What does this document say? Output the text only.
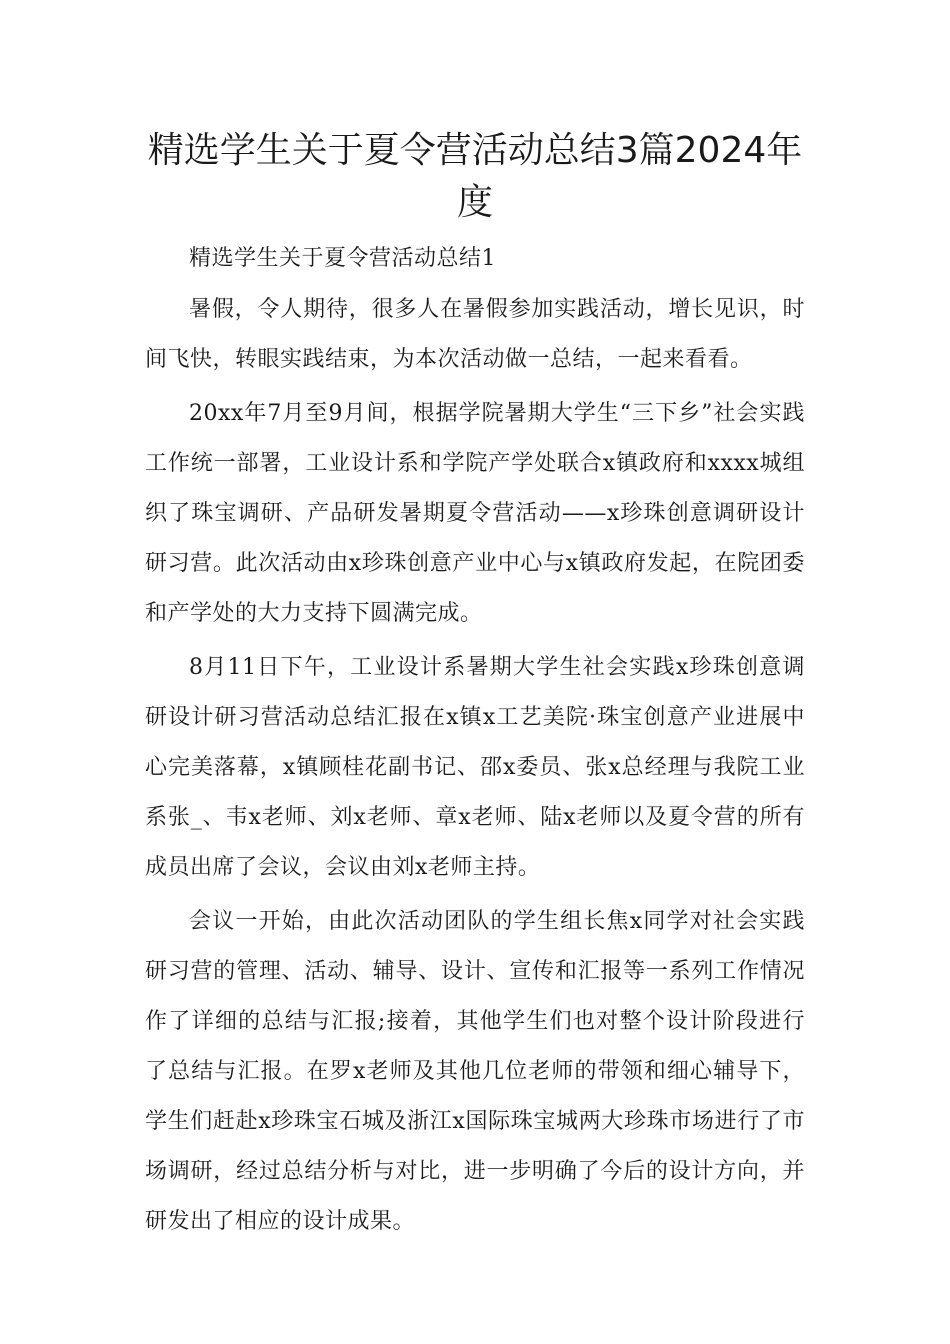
精选学生关于夏令营活动总结3篇2024年度

精选学生关于夏令营活动总结1

暑假，令人期待，很多人在暑假参加实践活动，增长见识，时间飞快，转眼实践结束，为本次活动做一总结，一起来看看。

20xx年7月至9月间，根据学院暑期大学生“三下乡”社会实践工作统一部署，工业设计系和学院产学处联合x镇政府和xxxx城组织了珠宝调研、产品研发暑期夏令营活动——x珍珠创意调研设计研习营。此次活动由x珍珠创意产业中心与x镇政府发起，在院团委和产学处的大力支持下圆满完成。

8月11日下午，工业设计系暑期大学生社会实践x珍珠创意调研设计研习营活动总结汇报在x镇x工艺美院·珠宝创意产业进展中心完美落幕，x镇顾桂花副书记、邵x委员、张x总经理与我院工业系张_、韦x老师、刘x老师、章x老师、陆x老师以及夏令营的所有成员出席了会议，会议由刘x老师主持。

会议一开始，由此次活动团队的学生组长焦x同学对社会实践研习营的管理、活动、辅导、设计、宣传和汇报等一系列工作情况作了详细的总结与汇报;接着，其他学生们也对整个设计阶段进行了总结与汇报。在罗x老师及其他几位老师的带领和细心辅导下，学生们赶赴x珍珠宝石城及浙江x国际珠宝城两大珍珠市场进行了市场调研，经过总结分析与对比，进一步明确了今后的设计方向，并研发出了相应的设计成果。
